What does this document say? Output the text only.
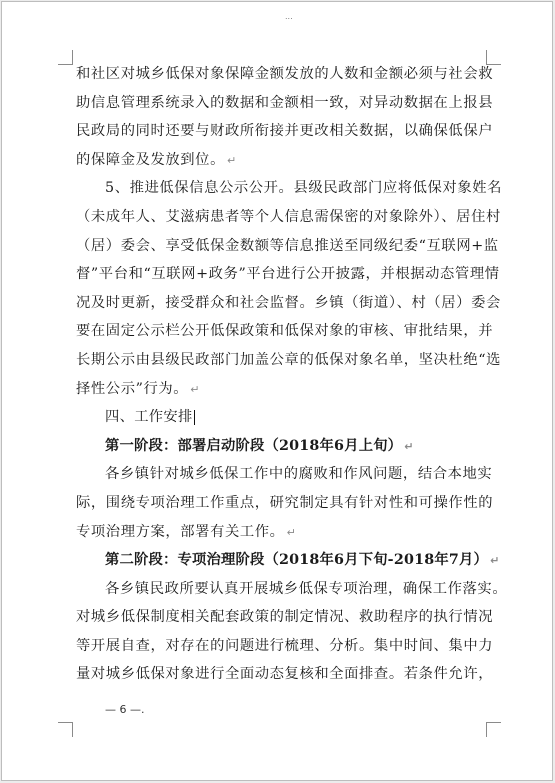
...
和社区对城乡低保对象保障金额发放的人数和金额必须与社会救
助信息管理系统录入的数据和金额相一致，对异动数据在上报县
民政局的同时还要与财政所衔接并更改相关数据，以确保低保户
的保障金及发放到位。 ↵
5、推进低保信息公示公开。县级民政部门应将低保对象姓名
（未成年人、艾滋病患者等个人信息需保密的对象除外）、居住村
（居）委会、享受低保金数额等信息推送至同级纪委“互联网+监
督”平台和“互联网+政务”平台进行公开披露，并根据动态管理情
况及时更新，接受群众和社会监督。乡镇（街道）、村（居）委会
要在固定公示栏公开低保政策和低保对象的审核、审批结果，并
长期公示由县级民政部门加盖公章的低保对象名单，坚决杜绝“选
择性公示”行为。 ↵
四、工作安排
第一阶段：部署启动阶段（2018年6月上旬） ↵
各乡镇针对城乡低保工作中的腐败和作风问题，结合本地实
际，围绕专项治理工作重点，研究制定具有针对性和可操作性的
专项治理方案，部署有关工作。 ↵
第二阶段：专项治理阶段（2018年6月下旬-2018年7月） ↵
各乡镇民政所要认真开展城乡低保专项治理，确保工作落实。
对城乡低保制度相关配套政策的制定情况、救助程序的执行情况
等开展自查，对存在的问题进行梳理、分析。集中时间、集中力
量对城乡低保对象进行全面动态复核和全面排查。若条件允许，
— 6 —.
